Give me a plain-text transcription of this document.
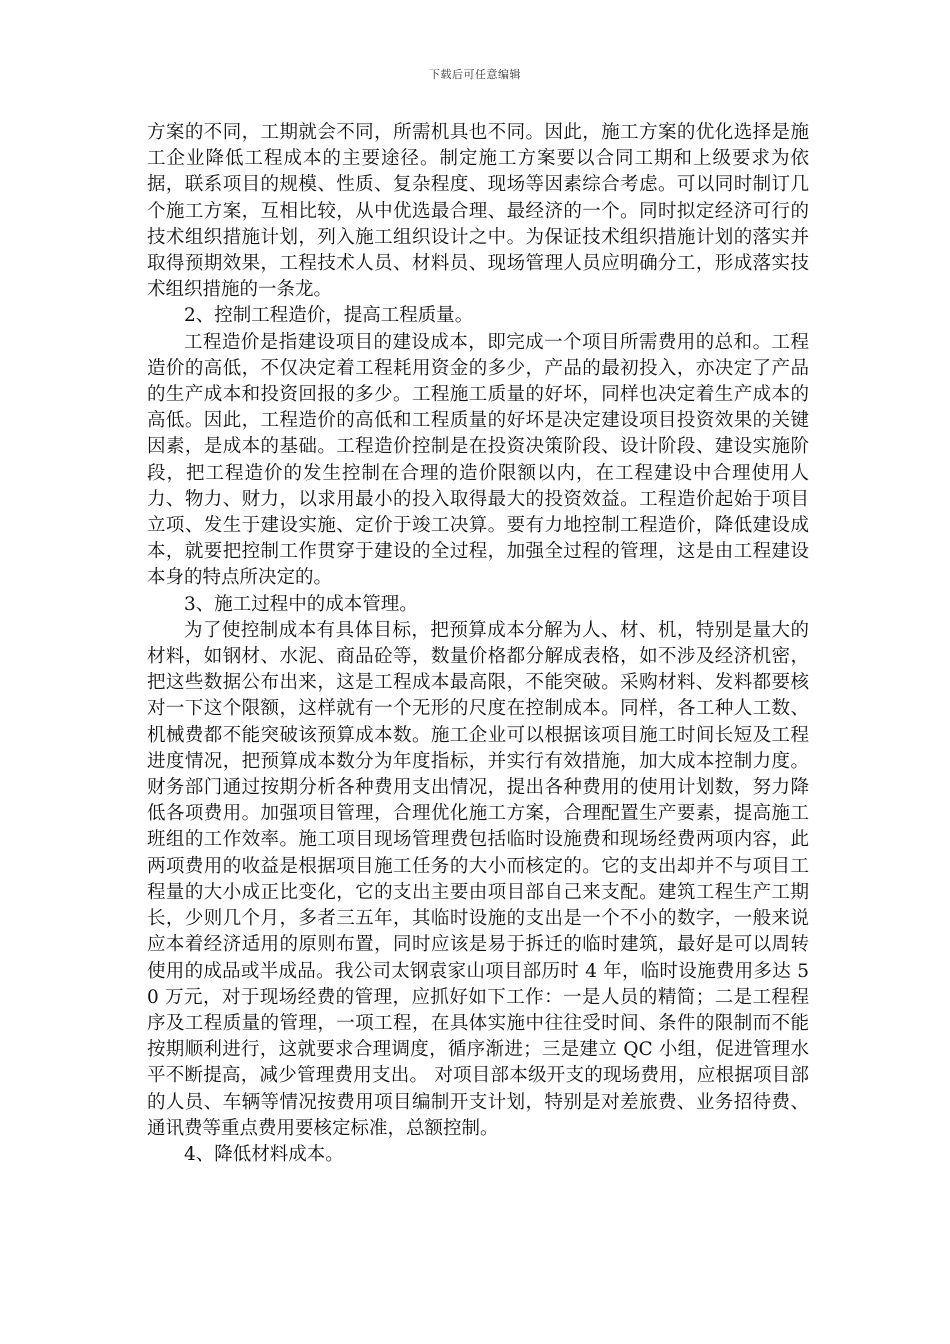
下载后可任意编辑

方案的不同，工期就会不同，所需机具也不同。因此，施工方案的优化选择是施工企业降低工程成本的主要途径。制定施工方案要以合同工期和上级要求为依据，联系项目的规模、性质、复杂程度、现场等因素综合考虑。可以同时制订几个施工方案，互相比较，从中优选最合理、最经济的一个。同时拟定经济可行的技术组织措施计划，列入施工组织设计之中。为保证技术组织措施计划的落实并取得预期效果，工程技术人员、材料员、现场管理人员应明确分工，形成落实技术组织措施的一条龙。

2、控制工程造价，提高工程质量。

工程造价是指建设项目的建设成本，即完成一个项目所需费用的总和。工程造价的高低，不仅决定着工程耗用资金的多少，产品的最初投入，亦决定了产品的生产成本和投资回报的多少。工程施工质量的好坏，同样也决定着生产成本的高低。因此，工程造价的高低和工程质量的好坏是决定建设项目投资效果的关键因素，是成本的基础。工程造价控制是在投资决策阶段、设计阶段、建设实施阶段，把工程造价的发生控制在合理的造价限额以内，在工程建设中合理使用人力、物力、财力，以求用最小的投入取得最大的投资效益。工程造价起始于项目立项、发生于建设实施、定价于竣工决算。要有力地控制工程造价，降低建设成本，就要把控制工作贯穿于建设的全过程，加强全过程的管理，这是由工程建设本身的特点所决定的。

3、施工过程中的成本管理。

为了使控制成本有具体目标，把预算成本分解为人、材、机，特别是量大的材料，如钢材、水泥、商品砼等，数量价格都分解成表格，如不涉及经济机密，把这些数据公布出来，这是工程成本最高限，不能突破。采购材料、发料都要核对一下这个限额，这样就有一个无形的尺度在控制成本。同样，各工种人工数、机械费都不能突破该预算成本数。施工企业可以根据该项目施工时间长短及工程进度情况，把预算成本数分为年度指标，并实行有效措施，加大成本控制力度。财务部门通过按期分析各种费用支出情况，提出各种费用的使用计划数，努力降低各项费用。加强项目管理，合理优化施工方案，合理配置生产要素，提高施工班组的工作效率。施工项目现场管理费包括临时设施费和现场经费两项内容，此两项费用的收益是根据项目施工任务的大小而核定的。它的支出却并不与项目工程量的大小成正比变化，它的支出主要由项目部自己来支配。建筑工程生产工期长，少则几个月，多者三五年，其临时设施的支出是一个不小的数字，一般来说应本着经济适用的原则布置，同时应该是易于拆迁的临时建筑，最好是可以周转使用的成品或半成品。我公司太钢袁家山项目部历时 4 年，临时设施费用多达 50 万元，对于现场经费的管理，应抓好如下工作：一是人员的精简；二是工程程序及工程质量的管理，一项工程，在具体实施中往往受时间、条件的限制而不能按期顺利进行，这就要求合理调度，循序渐进；三是建立 QC 小组，促进管理水平不断提高，减少管理费用支出。 对项目部本级开支的现场费用，应根据项目部的人员、车辆等情况按费用项目编制开支计划，特别是对差旅费、业务招待费、通讯费等重点费用要核定标准，总额控制。

4、降低材料成本。
